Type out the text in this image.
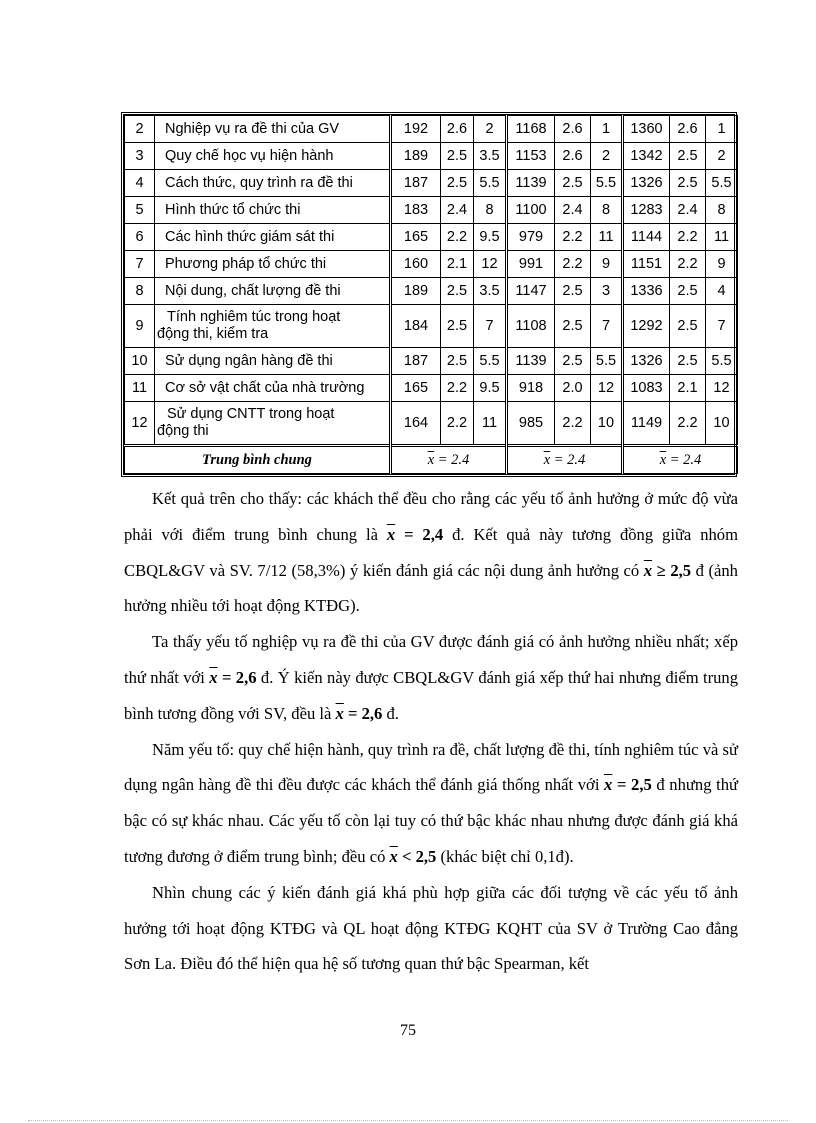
2	Nghiệp vụ ra đề thi của GV	192	2.6	2	1168	2.6	1	1360	2.6	1
3	Quy chế học vụ hiện hành	189	2.5	3.5	1153	2.6	2	1342	2.5	2
4	Cách thức, quy trình ra đề thi	187	2.5	5.5	1139	2.5	5.5	1326	2.5	5.5
5	Hình thức tổ chức thi	183	2.4	8	1100	2.4	8	1283	2.4	8
6	Các hình thức giám sát thi	165	2.2	9.5	979	2.2	11	1144	2.2	11
7	Phương pháp tổ chức thi	160	2.1	12	991	2.2	9	1151	2.2	9
8	Nội dung, chất lượng đề thi	189	2.5	3.5	1147	2.5	3	1336	2.5	4
9	Tính nghiêm túc trong hoạt
động thi, kiểm tra	184	2.5	7	1108	2.5	7	1292	2.5	7
10	Sử dụng ngân hàng đề thi	187	2.5	5.5	1139	2.5	5.5	1326	2.5	5.5
11	Cơ sở vật chất của nhà trường	165	2.2	9.5	918	2.0	12	1083	2.1	12
12	Sử dụng CNTT trong hoạt
động thi	164	2.2	11	985	2.2	10	1149	2.2	10
Trung bình chung		$\overline{x} = 2.4$			$\overline{x} = 2.4$			$\overline{x} = 2.4$		

Kết quả trên cho thấy: các khách thể đều cho rằng các yếu tố ảnh hưởng ở mức độ vừa phải với điểm trung bình chung là $\overline{x} = 2,4$ đ. Kết quả này tương đồng giữa nhóm CBQL&GV và SV. 7/12 (58,3%) ý kiến đánh giá các nội dung ảnh hưởng có $\overline{x} \ge 2,5$ đ (ảnh hưởng nhiều tới hoạt động KTĐG).

Ta thấy yếu tố nghiệp vụ ra đề thi của GV được đánh giá có ảnh hưởng nhiều nhất; xếp thứ nhất với $\overline{x} = 2,6$ đ. Ý kiến này được CBQL&GV đánh giá xếp thứ hai nhưng điểm trung bình tương đồng với SV, đều là $\overline{x} = 2,6$ đ.

Năm yếu tố: quy chế hiện hành, quy trình ra đề, chất lượng đề thi, tính nghiêm túc và sử dụng ngân hàng đề thi đều được các khách thể đánh giá thống nhất với $\overline{x} = 2,5$ đ nhưng thứ bậc có sự khác nhau. Các yếu tố còn lại tuy có thứ bậc khác nhau nhưng được đánh giá khá tương đương ở điểm trung bình; đều có $\overline{x} < 2,5$ (khác biệt chỉ 0,1đ).

Nhìn chung các ý kiến đánh giá khá phù hợp giữa các đối tượng về các yếu tố ảnh hưởng tới hoạt động KTĐG và QL hoạt động KTĐG KQHT của SV ở Trường Cao đẳng Sơn La. Điều đó thể hiện qua hệ số tương quan thứ bậc Spearman, kết

75
